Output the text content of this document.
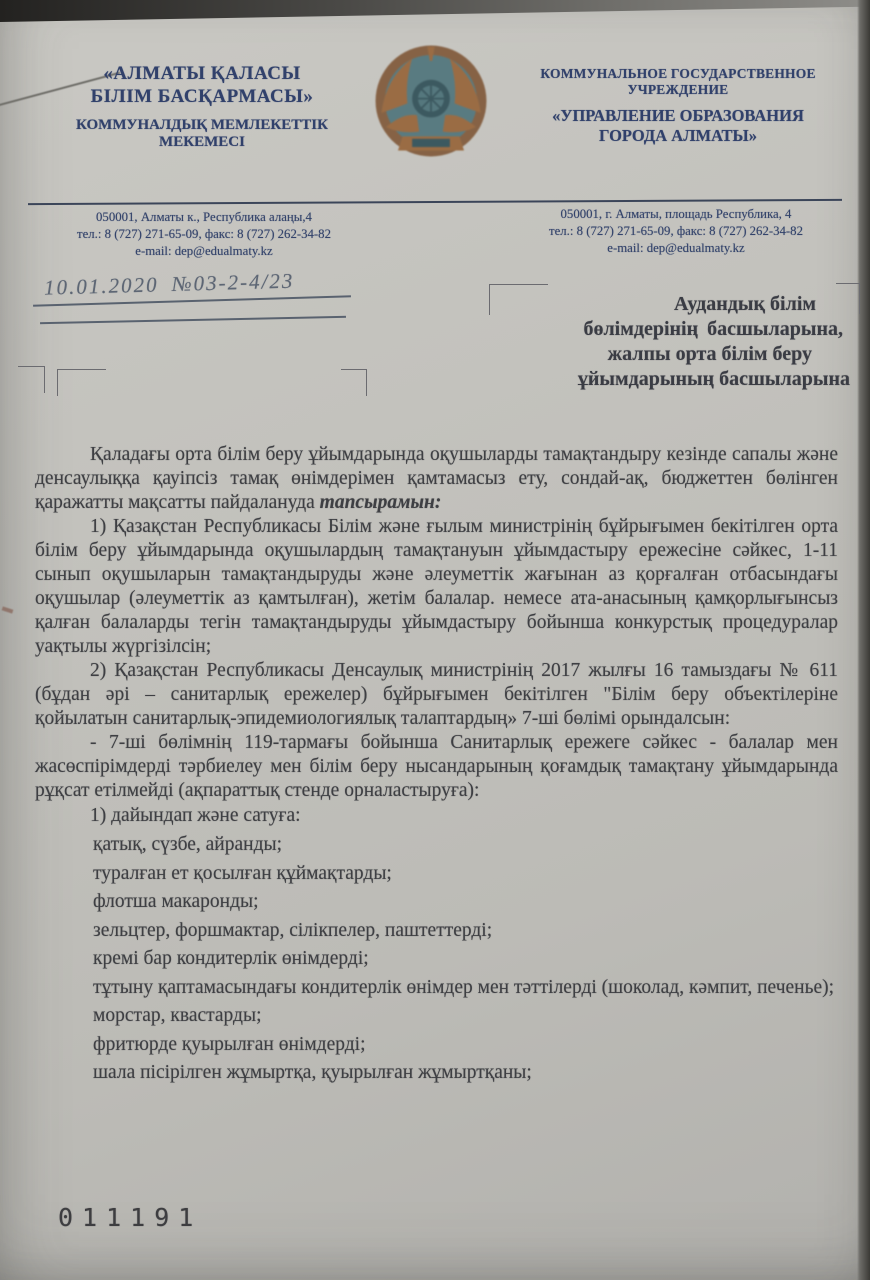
«АЛМАТЫ ҚАЛАСЫ
БІЛІМ БАСҚАРМАСЫ»
КОММУНАЛДЫҚ МЕМЛЕКЕТТІК
МЕКЕМЕСІ
КОММУНАЛЬНОЕ ГОСУДАРСТВЕННОЕ
УЧРЕЖДЕНИЕ
«УПРАВЛЕНИЕ ОБРАЗОВАНИЯ
ГОРОДА АЛМАТЫ»
050001, Алматы к., Республика алаңы,4
тел.: 8 (727) 271-65-09, факс: 8 (727) 262-34-82
e-mail: dep@edualmaty.kz
050001, г. Алматы, площадь Республика, 4
тел.: 8 (727) 271-65-09, факс: 8 (727) 262-34-82
e-mail: dep@edualmaty.kz
10.01.2020 №03-2-4/23
Аудандық білім
бөлімдерінің басшыларына,
жалпы орта білім беру
ұйымдарының басшыларына

Қаладағы орта білім беру ұйымдарында оқушыларды тамақтандыру кезінде сапалы және денсаулыққа қауіпсіз тамақ өнімдерімен қамтамасыз ету, сондай-ақ, бюджеттен бөлінген қаражатты мақсатты пайдалануда тапсырамын:

1) Қазақстан Республикасы Білім және ғылым министрінің бұйрығымен бекітілген орта білім беру ұйымдарында оқушылардың тамақтануын ұйымдастыру ережесіне сәйкес, 1-11 сынып оқушыларын тамақтандыруды және әлеуметтік жағынан аз қорғалған отбасындағы оқушылар (әлеуметтік аз қамтылған), жетім балалар. немесе ата-анасының қамқорлығынсыз қалған балаларды тегін тамақтандыруды ұйымдастыру бойынша конкурстық процедуралар уақтылы жүргізілсін;

2) Қазақстан Республикасы Денсаулық министрінің 2017 жылғы 16 тамыздағы № 611 (бұдан әрі – санитарлық ережелер) бұйрығымен бекітілген "Білім беру объектілеріне қойылатын санитарлық-эпидемиологиялық талаптардың» 7-ші бөлімі орындалсын:

- 7-ші бөлімнің 119-тармағы бойынша Санитарлық ережеге сәйкес - балалар мен жасөспірімдерді тәрбиелеу мен білім беру нысандарының қоғамдық тамақтану ұйымдарында рұқсат етілмейді (ақпараттық стенде орналастыруға):

1) дайындап және сатуға:

қатық, сүзбе, айранды;

туралған ет қосылған құймақтарды;

флотша макаронды;

зельцтер, форшмактар, сілікпелер, паштеттерді;

кремі бар кондитерлік өнімдерді;

тұтыну қаптамасындағы кондитерлік өнімдер мен тәттілерді (шоколад, кәмпит, печенье);

морстар, квастарды;

фритюрде қуырылған өнімдерді;

шала пісірілген жұмыртқа, қуырылған жұмыртқаны;

011191
